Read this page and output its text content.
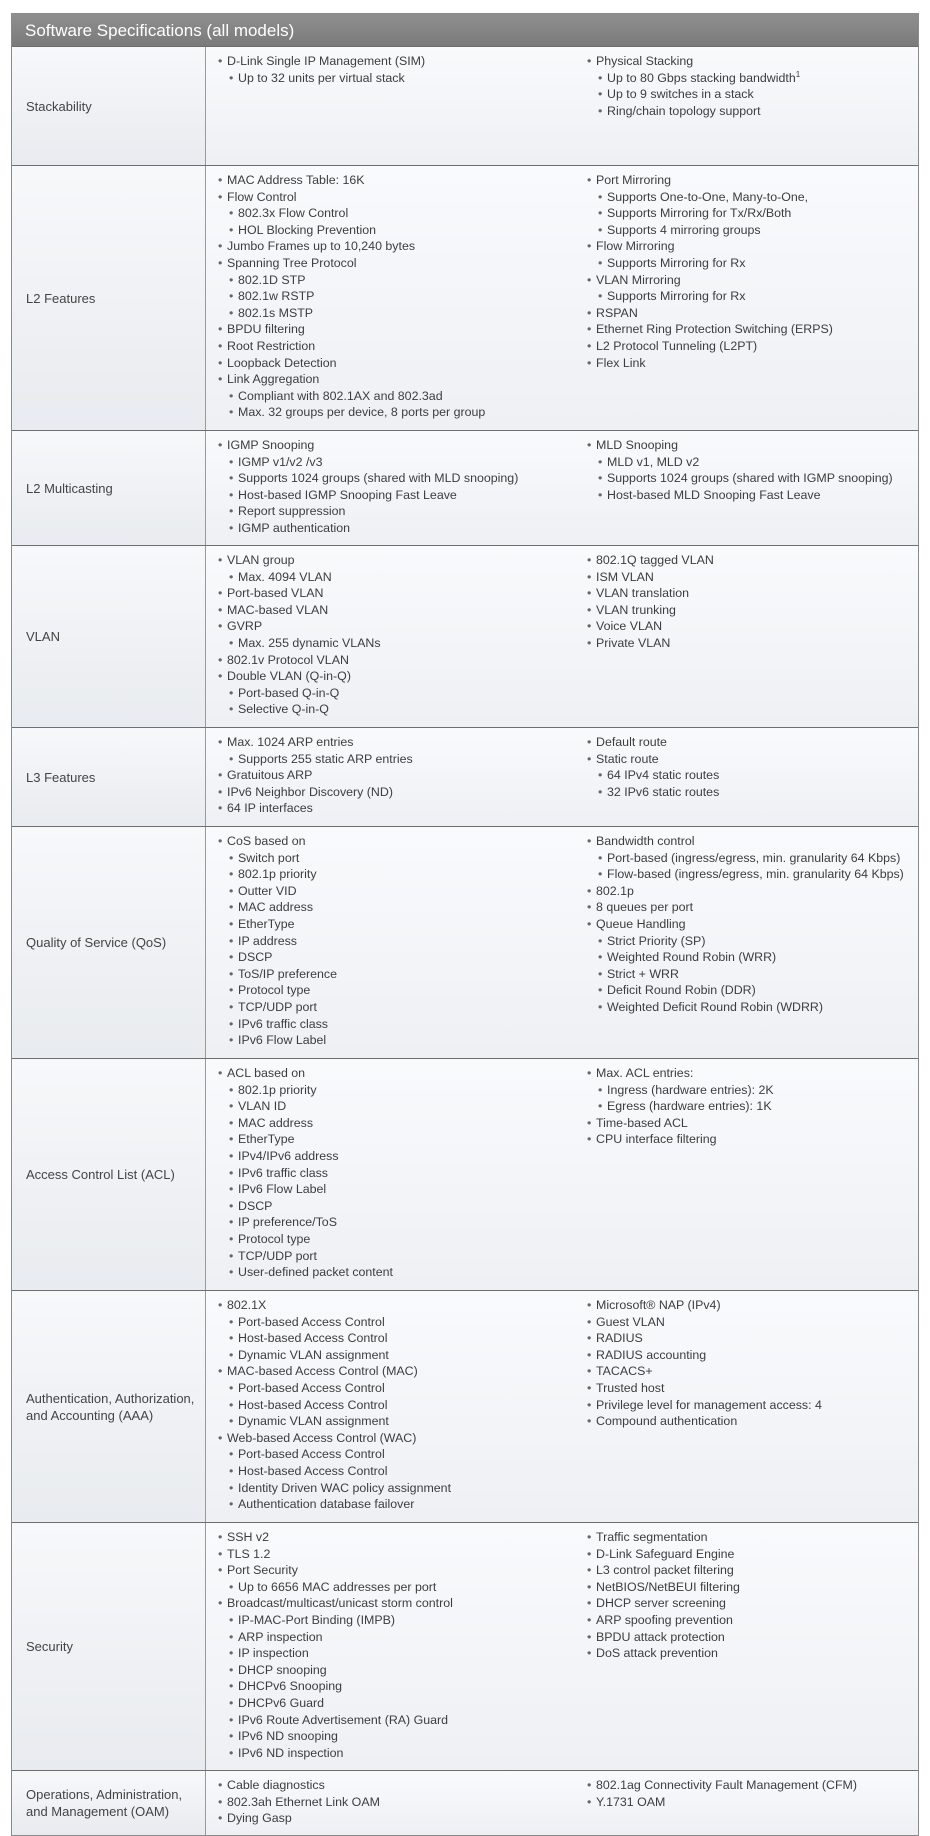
Software Specifications (all models)
Stackability
• D-Link Single IP Management (SIM)
• Up to 32 units per virtual stack
• Physical Stacking
• Up to 80 Gbps stacking bandwidth$^1$
• Up to 9 switches in a stack
• Ring/chain topology support
L2 Features
• MAC Address Table: 16K
• Flow Control
• 802.3x Flow Control
• HOL Blocking Prevention
• Jumbo Frames up to 10,240 bytes
• Spanning Tree Protocol
• 802.1D STP
• 802.1w RSTP
• 802.1s MSTP
• BPDU filtering
• Root Restriction
• Loopback Detection
• Link Aggregation
• Compliant with 802.1AX and 802.3ad
• Max. 32 groups per device, 8 ports per group
• Port Mirroring
• Supports One-to-One, Many-to-One,
• Supports Mirroring for Tx/Rx/Both
• Supports 4 mirroring groups
• Flow Mirroring
• Supports Mirroring for Rx
• VLAN Mirroring
• Supports Mirroring for Rx
• RSPAN
• Ethernet Ring Protection Switching (ERPS)
• L2 Protocol Tunneling (L2PT)
• Flex Link
L2 Multicasting
• IGMP Snooping
• IGMP v1/v2 /v3
• Supports 1024 groups (shared with MLD snooping)
• Host-based IGMP Snooping Fast Leave
• Report suppression
• IGMP authentication
• MLD Snooping
• MLD v1, MLD v2
• Supports 1024 groups (shared with IGMP snooping)
• Host-based MLD Snooping Fast Leave
VLAN
• VLAN group
• Max. 4094 VLAN
• Port-based VLAN
• MAC-based VLAN
• GVRP
• Max. 255 dynamic VLANs
• 802.1v Protocol VLAN
• Double VLAN (Q-in-Q)
• Port-based Q-in-Q
• Selective Q-in-Q
• 802.1Q tagged VLAN
• ISM VLAN
• VLAN translation
• VLAN trunking
• Voice VLAN
• Private VLAN
L3 Features
• Max. 1024 ARP entries
• Supports 255 static ARP entries
• Gratuitous ARP
• IPv6 Neighbor Discovery (ND)
• 64 IP interfaces
• Default route
• Static route
• 64 IPv4 static routes
• 32 IPv6 static routes
Quality of Service (QoS)
• CoS based on
• Switch port
• 802.1p priority
• Outter VID
• MAC address
• EtherType
• IP address
• DSCP
• ToS/IP preference
• Protocol type
• TCP/UDP port
• IPv6 traffic class
• IPv6 Flow Label
• Bandwidth control
• Port-based (ingress/egress, min. granularity 64 Kbps)
• Flow-based (ingress/egress, min. granularity 64 Kbps)
• 802.1p
• 8 queues per port
• Queue Handling
• Strict Priority (SP)
• Weighted Round Robin (WRR)
• Strict + WRR
• Deficit Round Robin (DDR)
• Weighted Deficit Round Robin (WDRR)
Access Control List (ACL)
• ACL based on
• 802.1p priority
• VLAN ID
• MAC address
• EtherType
• IPv4/IPv6 address
• IPv6 traffic class
• IPv6 Flow Label
• DSCP
• IP preference/ToS
• Protocol type
• TCP/UDP port
• User-defined packet content
• Max. ACL entries:
• Ingress (hardware entries): 2K
• Egress (hardware entries): 1K
• Time-based ACL
• CPU interface filtering
Authentication, Authorization, and Accounting (AAA)
• 802.1X
• Port-based Access Control
• Host-based Access Control
• Dynamic VLAN assignment
• MAC-based Access Control (MAC)
• Port-based Access Control
• Host-based Access Control
• Dynamic VLAN assignment
• Web-based Access Control (WAC)
• Port-based Access Control
• Host-based Access Control
• Identity Driven WAC policy assignment
• Authentication database failover
• Microsoft® NAP (IPv4)
• Guest VLAN
• RADIUS
• RADIUS accounting
• TACACS+
• Trusted host
• Privilege level for management access: 4
• Compound authentication
Security
• SSH v2
• TLS 1.2
• Port Security
• Up to 6656 MAC addresses per port
• Broadcast/multicast/unicast storm control
• IP-MAC-Port Binding (IMPB)
• ARP inspection
• IP inspection
• DHCP snooping
• DHCPv6 Snooping
• DHCPv6 Guard
• IPv6 Route Advertisement (RA) Guard
• IPv6 ND snooping
• IPv6 ND inspection
• Traffic segmentation
• D-Link Safeguard Engine
• L3 control packet filtering
• NetBIOS/NetBEUI filtering
• DHCP server screening
• ARP spoofing prevention
• BPDU attack protection
• DoS attack prevention
Operations, Administration, and Management (OAM)
• Cable diagnostics
• 802.3ah Ethernet Link OAM
• Dying Gasp
• 802.1ag Connectivity Fault Management (CFM)
• Y.1731 OAM
